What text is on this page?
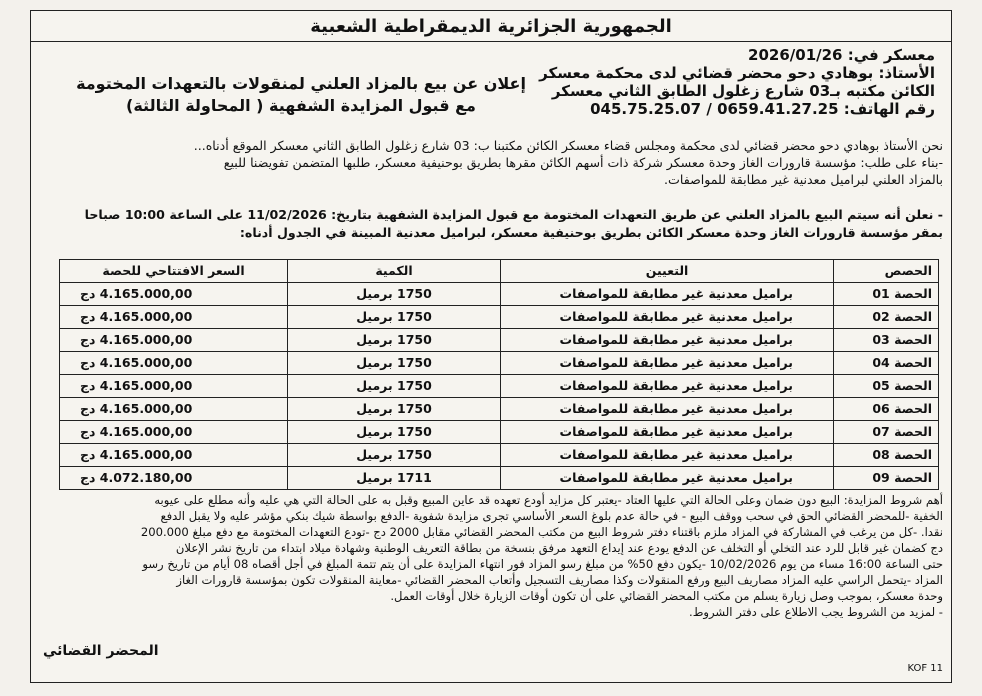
الجمهورية الجزائرية الديمقراطية الشعبية
معسكر في: 2026/01/26
الأستاذ: بوهادي دحو محضر قضائي لدى محكمة معسكر
الكائن مكتبه بـ03 شارع زغلول الطابق الثاني معسكر
رقم الهاتف: 0659.41.27.25 / 045.75.25.07
إعلان عن بيع بالمزاد العلني لمنقولات بالتعهدات المختومة
مع قبول المزايدة الشفهية ( المحاولة الثالثة)
نحن الأستاذ بوهادي دحو محضر قضائي لدى محكمة ومجلس قضاء معسكر الكائن مكتبنا ب: 03 شارع زغلول الطابق الثاني معسكر الموقع أدناه...
-بناء على طلب: مؤسسة قارورات الغاز وحدة معسكر شركة ذات أسهم الكائن مقرها بطريق بوحنيفية معسكر، طلبها المتضمن تفويضنا للبيع
بالمزاد العلني لبراميل معدنية غير مطابقة للمواصفات.
- نعلن أنه سيتم البيع بالمزاد العلني عن طريق التعهدات المختومة مع قبول المزايدة الشفهية بتاريخ: 11/02/2026 على الساعة 10:00 صباحا
بمقر مؤسسة قارورات الغاز وحدة معسكر الكائن بطريق بوحنيفية معسكر، لبراميل معدنية المبينة في الجدول أدناه:
الحصص	التعيين	الكمية	السعر الافتتاحي للحصة
الحصة 01	براميل معدنية غير مطابقة للمواصفات	1750 برميل	4.165.000,00 دج
الحصة 02	براميل معدنية غير مطابقة للمواصفات	1750 برميل	4.165.000,00 دج
الحصة 03	براميل معدنية غير مطابقة للمواصفات	1750 برميل	4.165.000,00 دج
الحصة 04	براميل معدنية غير مطابقة للمواصفات	1750 برميل	4.165.000,00 دج
الحصة 05	براميل معدنية غير مطابقة للمواصفات	1750 برميل	4.165.000,00 دج
الحصة 06	براميل معدنية غير مطابقة للمواصفات	1750 برميل	4.165.000,00 دج
الحصة 07	براميل معدنية غير مطابقة للمواصفات	1750 برميل	4.165.000,00 دج
الحصة 08	براميل معدنية غير مطابقة للمواصفات	1750 برميل	4.165.000,00 دج
الحصة 09	براميل معدنية غير مطابقة للمواصفات	1711 برميل	4.072.180,00 دج
أهم شروط المزايدة: البيع دون ضمان وعلى الحالة التي عليها العتاد -يعتبر كل مزايد أودع تعهده قد عاين المبيع وقبل به على الحالة التي هي عليه وأنه مطلع على عيوبه
الخفية -للمحضر القضائي الحق في سحب ووقف البيع - في حالة عدم بلوغ السعر الأساسي تجرى مزايدة شفوية -الدفع بواسطة شيك بنكي مؤشر عليه ولا يقبل الدفع
نقدا. -كل من يرغب في المشاركة في المزاد ملزم باقتناء دفتر شروط البيع من مكتب المحضر القضائي مقابل 2000 دج -تودع التعهدات المختومة مع دفع مبلغ 200.000
دج كضمان غير قابل للرد عند التخلي أو التخلف عن الدفع يودع عند إيداع التعهد مرفق بنسخة من بطاقة التعريف الوطنية وشهادة ميلاد ابتداء من تاريخ نشر الإعلان
حتى الساعة 16:00 مساء من يوم 10/02/2026 -يكون دفع 50% من مبلغ رسو المزاد فور انتهاء المزايدة على أن يتم تتمة المبلغ في أجل أقصاه 08 أيام من تاريخ رسو
المزاد -يتحمل الراسي عليه المزاد مصاريف البيع ورفع المنقولات وكذا مصاريف التسجيل وأتعاب المحضر القضائي -معاينة المنقولات تكون بمؤسسة قارورات الغاز
وحدة معسكر، بموجب وصل زيارة يسلم من مكتب المحضر القضائي على أن تكون أوقات الزيارة خلال أوقات العمل.
- لمزيد من الشروط يجب الاطلاع على دفتر الشروط.
المحضر القضائي
KOF 11
